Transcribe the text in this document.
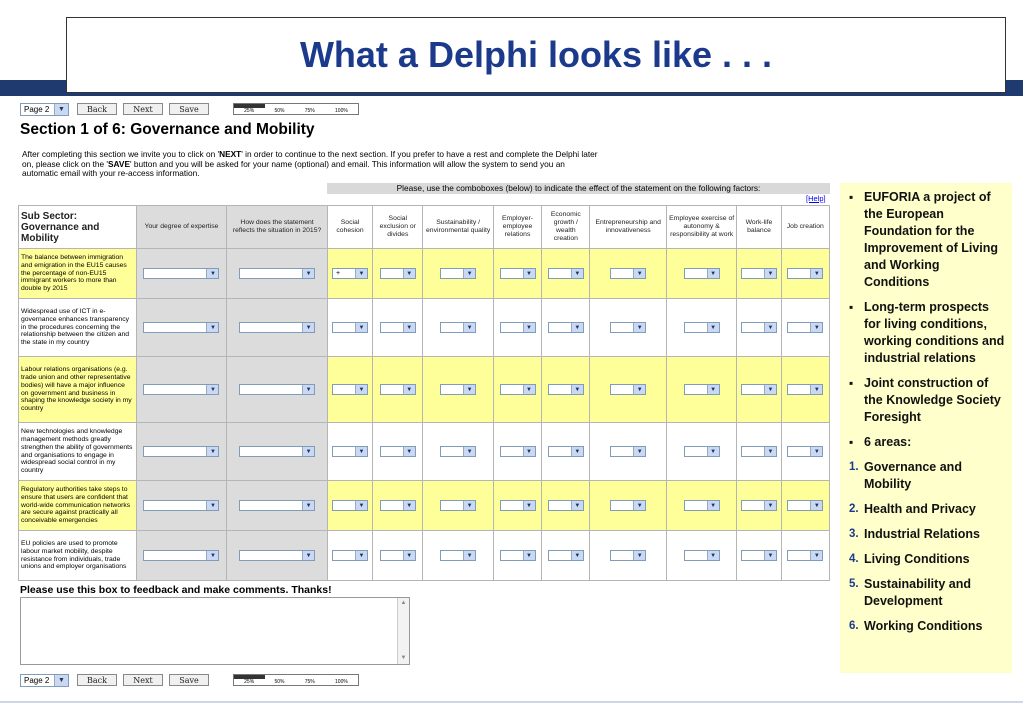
What a Delphi looks like . . .
Page 2	▼	Back	Next	Save	25%	50%	75%	100%
Section 1 of 6: Governance and Mobility
After completing this section we invite you to click on 'NEXT' in order to continue to the next section. If you prefer to have a rest and complete the Delphi later
on, please click on the 'SAVE' button and you will be asked for your name (optional) and email. This information will allow the system to send you an
automatic email with your re-access information.
Please, use the comboboxes (below) to indicate the effect of the statement on the following factors:
[Help]
Sub Sector: Governance and Mobility	Your degree of expertise	How does the statement reflects the situation in 2015?	Social cohesion	Social exclusion or divides	Sustainability / environmental quality	Employer-employee relations	Economic growth / wealth creation	Entrepreneurship and innovativeness	Employee exercise of autonomy & responsibility at work	Work-life balance	Job creation
The balance between immigration and emigration in the EU15 causes the percentage of non-EU15 immigrant workers to more than double by 2015	▼	▼	+ ▼	▼	▼	▼	▼	▼	▼	▼	▼

Widespread use of ICT in e-governance enhances transparency in the procedures concerning the relationship between the citizen and the state in my country	▼	▼	▼	▼	▼	▼	▼	▼	▼	▼	▼

Labour relations organisations (e.g. trade union and other representative bodies) will have a major influence on government and business in shaping the knowledge society in my country	▼	▼	▼	▼	▼	▼	▼	▼	▼	▼	▼

New technologies and knowledge management methods greatly strengthen the ability of governments and organisations to engage in widespread social control in my country	▼	▼	▼	▼	▼	▼	▼	▼	▼	▼	▼

Regulatory authorities take steps to ensure that users are confident that world-wide communication networks are secure against practically all conceivable emergencies	▼	▼	▼	▼	▼	▼	▼	▼	▼	▼	▼

EU policies are used to promote labour market mobility, despite resistance from individuals, trade unions and employer organisations	▼	▼	▼	▼	▼	▼	▼	▼	▼	▼	▼
Please use this box to feedback and make comments. Thanks!
▲
▼
Page 2	▼	Back	Next	Save	25%	50%	75%	100%
▪ EUFORIA a project of the European Foundation for the Improvement of Living and Working Conditions
▪ Long-term prospects for living conditions, working conditions and industrial relations
▪ Joint construction of the Knowledge Society Foresight
▪ 6 areas:
1. Governance and Mobility
2. Health and Privacy
3. Industrial Relations
4. Living Conditions
5. Sustainability and Development
6. Working Conditions
